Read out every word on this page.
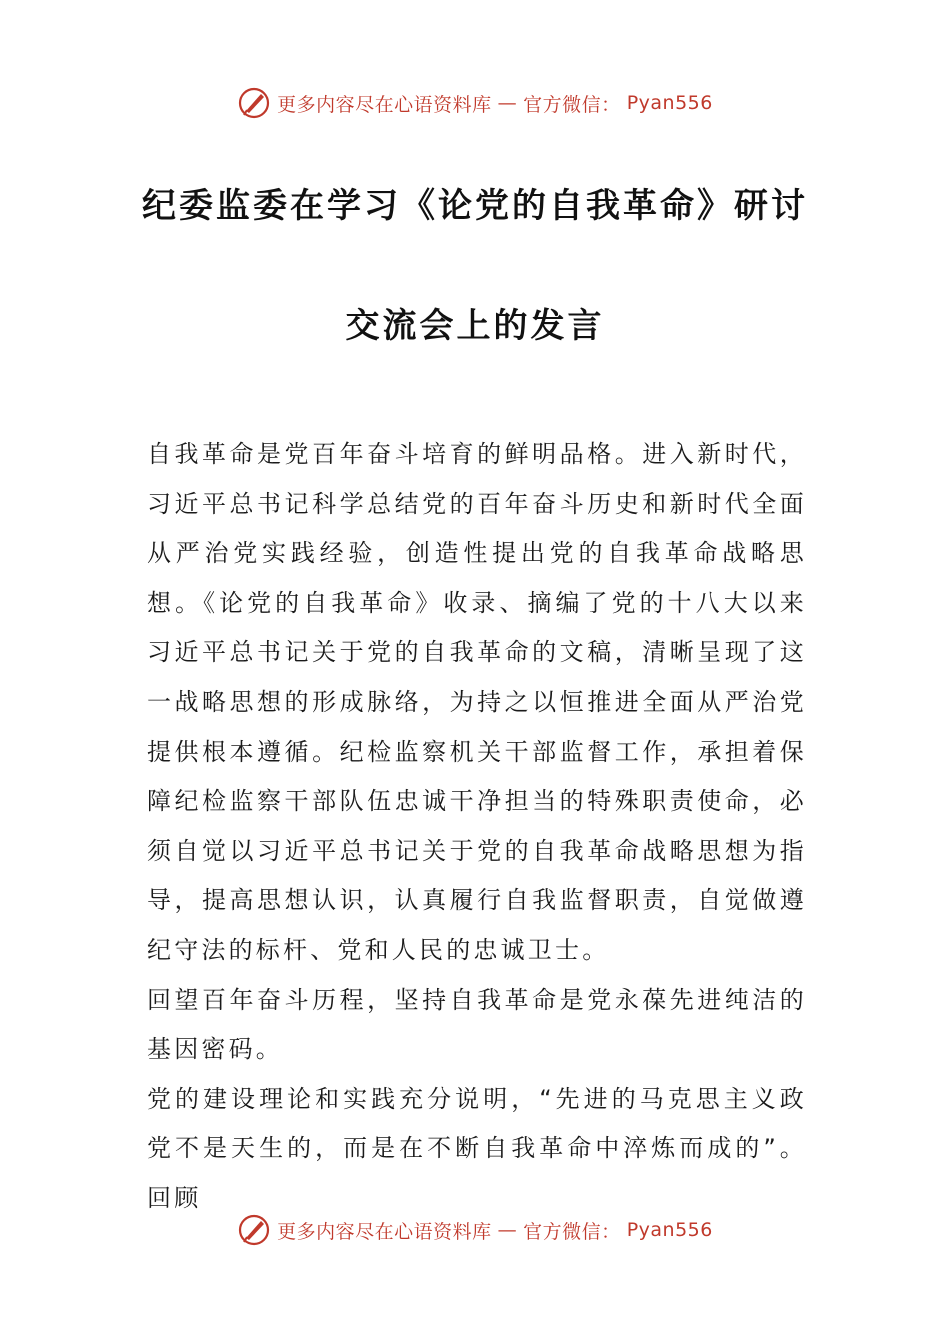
更多内容尽在心语资料库 — 官方微信： Pyan556
纪委监委在学习《论党的自我革命》研讨
交流会上的发言

自我革命是党百年奋斗培育的鲜明品格。进入新时代，习近平总书记科学总结党的百年奋斗历史和新时代全面从严治党实践经验，创造性提出党的自我革命战略思想。《论党的自我革命》收录、摘编了党的十八大以来习近平总书记关于党的自我革命的文稿，清晰呈现了这一战略思想的形成脉络，为持之以恒推进全面从严治党提供根本遵循。纪检监察机关干部监督工作，承担着保障纪检监察干部队伍忠诚干净担当的特殊职责使命，必须自觉以习近平总书记关于党的自我革命战略思想为指导，提高思想认识，认真履行自我监督职责，自觉做遵纪守法的标杆、党和人民的忠诚卫士。

回望百年奋斗历程，坚持自我革命是党永葆先进纯洁的基因密码。

党的建设理论和实践充分说明，“先进的马克思主义政党不是天生的，而是在不断自我革命中淬炼而成的”。回顾

更多内容尽在心语资料库 — 官方微信： Pyan556
